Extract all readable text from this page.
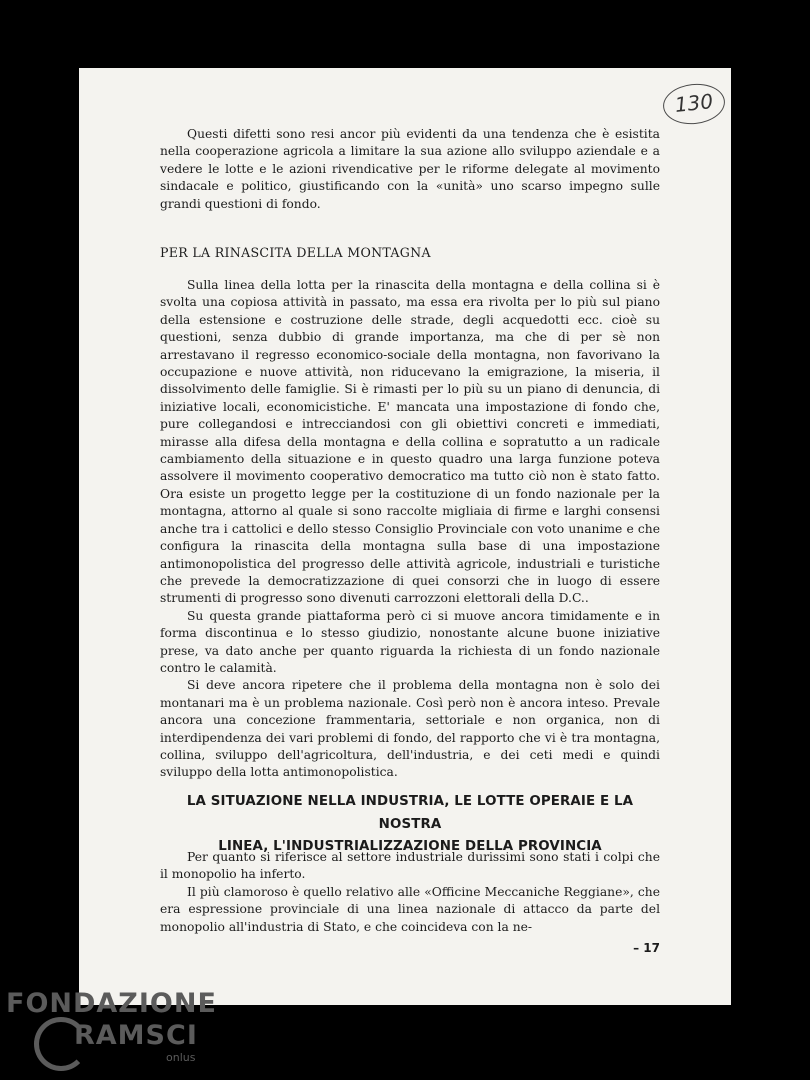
130

Questi difetti sono resi ancor più evidenti da una tendenza che è esistita nella cooperazione agricola a limitare la sua azione allo sviluppo aziendale e a vedere le lotte e le azioni rivendicative per le riforme delegate al movimento sindacale e politico, giustificando con la «unità» uno scarso impegno sulle grandi questioni di fondo.

PER LA RINASCITA DELLA MONTAGNA

Sulla linea della lotta per la rinascita della montagna e della collina si è svolta una copiosa attività in passato, ma essa era rivolta per lo più sul piano della estensione e costruzione delle strade, degli acquedotti ecc. cioè su questioni, senza dubbio di grande importanza, ma che di per sè non arrestavano il regresso economico-sociale della montagna, non favorivano la occupazione e nuove attività, non riducevano la emigrazione, la miseria, il dissolvimento delle famiglie. Si è rimasti per lo più su un piano di denuncia, di iniziative locali, economicistiche. E' mancata una impostazione di fondo che, pure collegandosi e intrecciandosi con gli obiettivi concreti e immediati, mirasse alla difesa della montagna e della collina e sopratutto a un radicale cambiamento della situazione e in questo quadro una larga funzione poteva assolvere il movimento cooperativo democratico ma tutto ciò non è stato fatto. Ora esiste un progetto legge per la costituzione di un fondo nazionale per la montagna, attorno al quale si sono raccolte migliaia di firme e larghi consensi anche tra i cattolici e dello stesso Consiglio Provinciale con voto unanime e che configura la rinascita della montagna sulla base di una impostazione antimonopolistica del progresso delle attività agricole, industriali e turistiche che prevede la democratizzazione di quei consorzi che in luogo di essere strumenti di progresso sono divenuti carrozzoni elettorali della D.C..

Su questa grande piattaforma però ci si muove ancora timidamente e in forma discontinua e lo stesso giudizio, nonostante alcune buone iniziative prese, va dato anche per quanto riguarda la richiesta di un fondo nazionale contro le calamità.

Si deve ancora ripetere che il problema della montagna non è solo dei montanari ma è un problema nazionale. Così però non è ancora inteso. Prevale ancora una concezione frammentaria, settoriale e non organica, non di interdipendenza dei vari problemi di fondo, del rapporto che vi è tra montagna, collina, sviluppo dell'agricoltura, dell'industria, e dei ceti medi e quindi sviluppo della lotta antimonopolistica.

LA SITUAZIONE NELLA INDUSTRIA, LE LOTTE OPERAIE E LA NOSTRA
LINEA, L'INDUSTRIALIZZAZIONE DELLA PROVINCIA

Per quanto si riferisce al settore industriale durissimi sono stati i colpi che il monopolio ha inferto.

Il più clamoroso è quello relativo alle «Officine Meccaniche Reggiane», che era espressione provinciale di una linea nazionale di attacco da parte del monopolio all'industria di Stato, e che coincideva con la ne-

– 17
FONDAZIONE
RAMSCI
onlus
